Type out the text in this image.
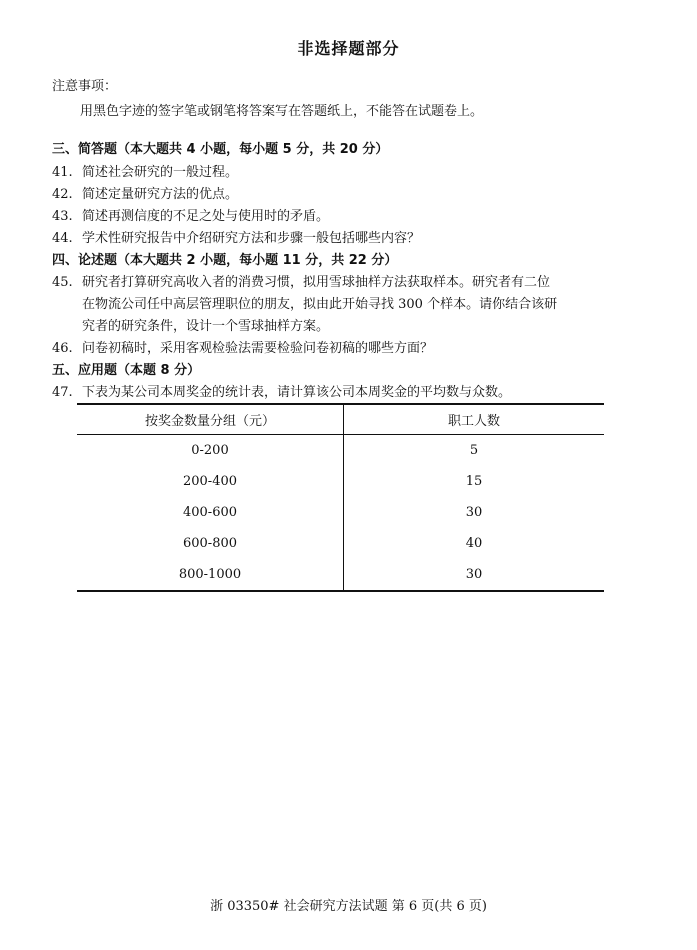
非选择题部分
注意事项：
用黑色字迹的签字笔或钢笔将答案写在答题纸上，不能答在试题卷上。
三、简答题（本大题共 4 小题，每小题 5 分，共 20 分）
41. 简述社会研究的一般过程。
42. 简述定量研究方法的优点。
43. 简述再测信度的不足之处与使用时的矛盾。
44. 学术性研究报告中介绍研究方法和步骤一般包括哪些内容？
四、论述题（本大题共 2 小题，每小题 11 分，共 22 分）
45. 研究者打算研究高收入者的消费习惯，拟用雪球抽样方法获取样本。研究者有二位
在物流公司任中高层管理职位的朋友，拟由此开始寻找 300 个样本。请你结合该研
究者的研究条件，设计一个雪球抽样方案。
46. 问卷初稿时，采用客观检验法需要检验问卷初稿的哪些方面？
五、应用题（本题 8 分）
47. 下表为某公司本周奖金的统计表，请计算该公司本周奖金的平均数与众数。
按奖金数量分组（元）	职工人数
0-200	5
200-400	15
400-600	30
600-800	40
800-1000	30
浙 03350# 社会研究方法试题 第 6 页(共 6 页)
